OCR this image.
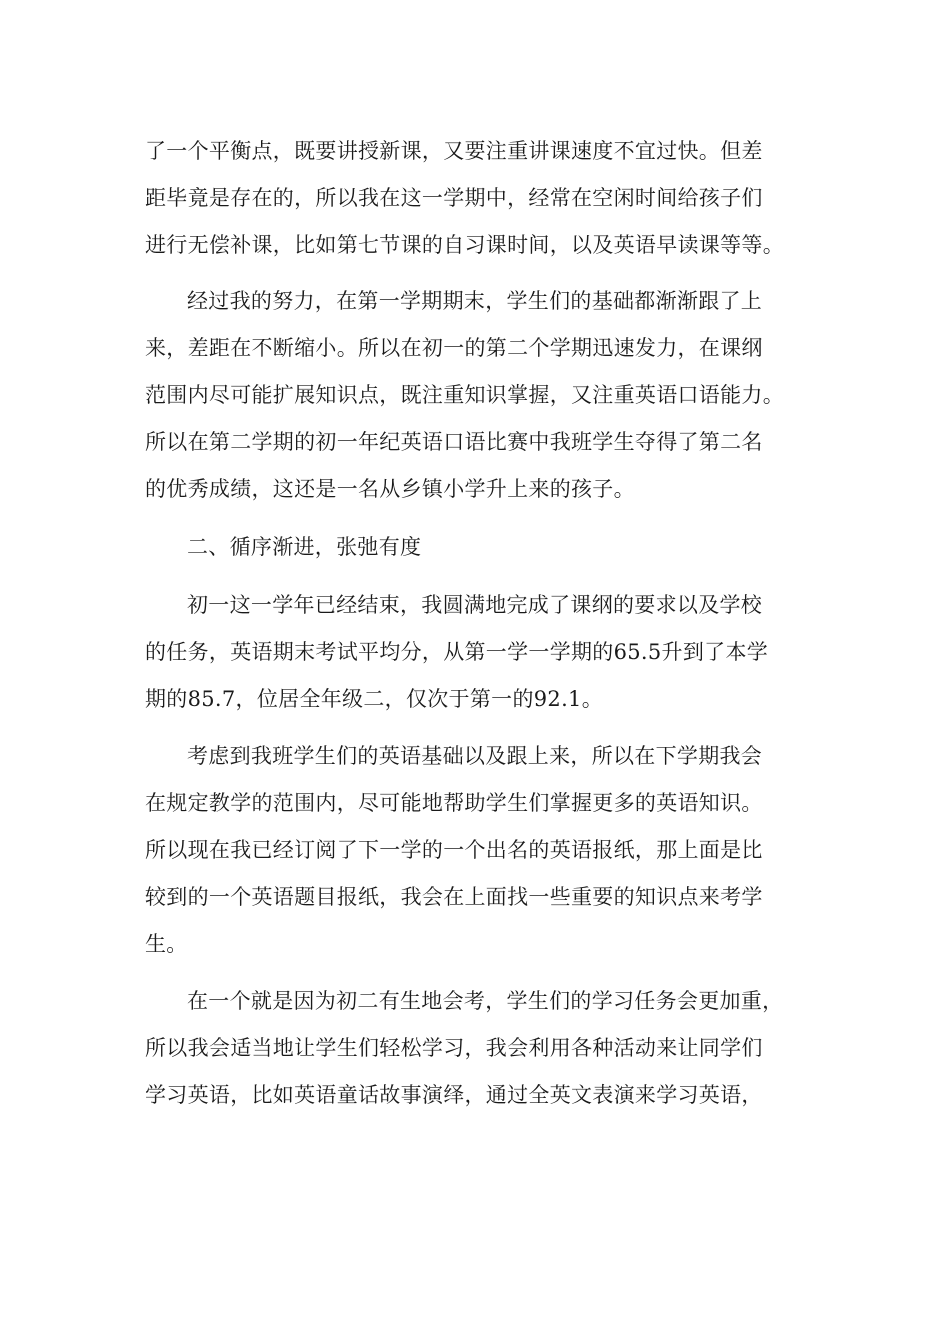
了一个平衡点，既要讲授新课，又要注重讲课速度不宜过快。但差
距毕竟是存在的，所以我在这一学期中，经常在空闲时间给孩子们
进行无偿补课，比如第七节课的自习课时间，以及英语早读课等等。
经过我的努力，在第一学期期末，学生们的基础都渐渐跟了上
来，差距在不断缩小。所以在初一的第二个学期迅速发力，在课纲
范围内尽可能扩展知识点，既注重知识掌握，又注重英语口语能力。
所以在第二学期的初一年纪英语口语比赛中我班学生夺得了第二名
的优秀成绩，这还是一名从乡镇小学升上来的孩子。
二、循序渐进，张弛有度
初一这一学年已经结束，我圆满地完成了课纲的要求以及学校
的任务，英语期末考试平均分，从第一学一学期的65.5升到了本学
期的85.7，位居全年级二，仅次于第一的92.1。
考虑到我班学生们的英语基础以及跟上来，所以在下学期我会
在规定教学的范围内，尽可能地帮助学生们掌握更多的英语知识。
所以现在我已经订阅了下一学的一个出名的英语报纸，那上面是比
较到的一个英语题目报纸，我会在上面找一些重要的知识点来考学
生。
在一个就是因为初二有生地会考，学生们的学习任务会更加重，
所以我会适当地让学生们轻松学习，我会利用各种活动来让同学们
学习英语，比如英语童话故事演绎，通过全英文表演来学习英语，
